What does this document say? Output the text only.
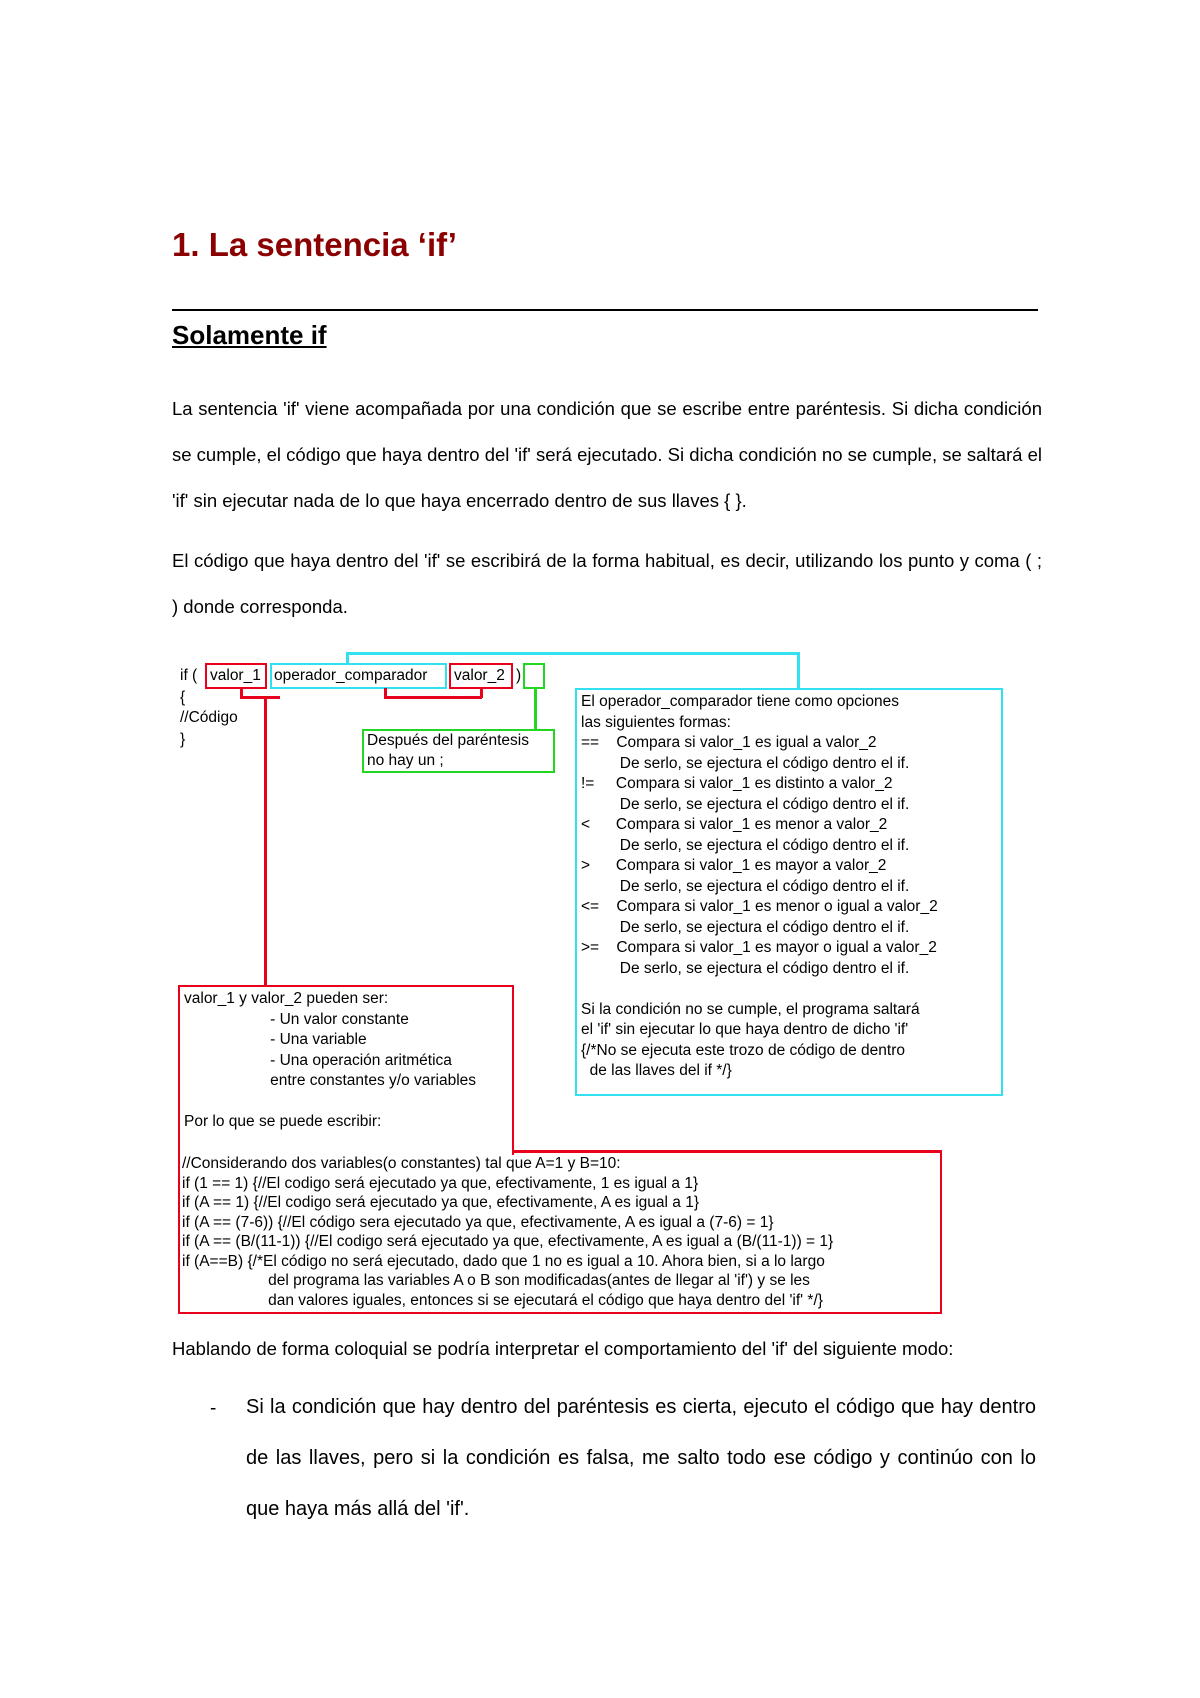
1. La sentencia ‘if’
Solamente if
La sentencia 'if' viene acompañada por una condición que se escribe entre paréntesis. Si dicha condición se cumple, el código que haya dentro del 'if' será ejecutado. Si dicha condición no se cumple, se saltará el 'if' sin ejecutar nada de lo que haya encerrado dentro de sus llaves { }.
El código que haya dentro del 'if' se escribirá de la forma habitual, es decir, utilizando los punto y coma ( ; ) donde corresponda.
if ( valor_1 operador_comparador valor_2 )
{
//Código
}	Después del paréntesis
no hay un ;
El operador_comparador tiene como opciones
las siguientes formas:
==    Compara si valor_1 es igual a valor_2
De serlo, se ejectura el código dentro el if.
!=     Compara si valor_1 es distinto a valor_2
De serlo, se ejectura el código dentro el if.
<      Compara si valor_1 es menor a valor_2
De serlo, se ejectura el código dentro el if.
>      Compara si valor_1 es mayor a valor_2
De serlo, se ejectura el código dentro el if.
<=    Compara si valor_1 es menor o igual a valor_2
De serlo, se ejectura el código dentro el if.
>=    Compara si valor_1 es mayor o igual a valor_2
De serlo, se ejectura el código dentro el if.
Si la condición no se cumple, el programa saltará
el 'if' sin ejecutar lo que haya dentro de dicho 'if'
{/*No se ejecuta este trozo de código de dentro
de las llaves del if */}
valor_1 y valor_2 pueden ser:
- Un valor constante
- Una variable
- Una operación aritmética
entre constantes y/o variables
Por lo que se puede escribir:
//Considerando dos variables(o constantes) tal que A=1 y B=10:
if (1 == 1) {//El codigo será ejecutado ya que, efectivamente, 1 es igual a 1}
if (A == 1) {//El codigo será ejecutado ya que, efectivamente, A es igual a 1}
if (A == (7-6)) {//El código sera ejecutado ya que, efectivamente, A es igual a (7-6) = 1}
if (A == (B/(11-1)) {//El codigo será ejecutado ya que, efectivamente, A es igual a (B/(11-1)) = 1}
if (A==B) {/*El código no será ejecutado, dado que 1 no es igual a 10. Ahora bien, si a lo largo
del programa las variables A o B son modificadas(antes de llegar al 'if') y se les
dan valores iguales, entonces si se ejecutará el código que haya dentro del 'if' */}
Hablando de forma coloquial se podría interpretar el comportamiento del 'if' del siguiente modo:
- Si la condición que hay dentro del paréntesis es cierta, ejecuto el código que hay dentro de las llaves, pero si la condición es falsa, me salto todo ese código y continúo con lo que haya más allá del 'if'.
